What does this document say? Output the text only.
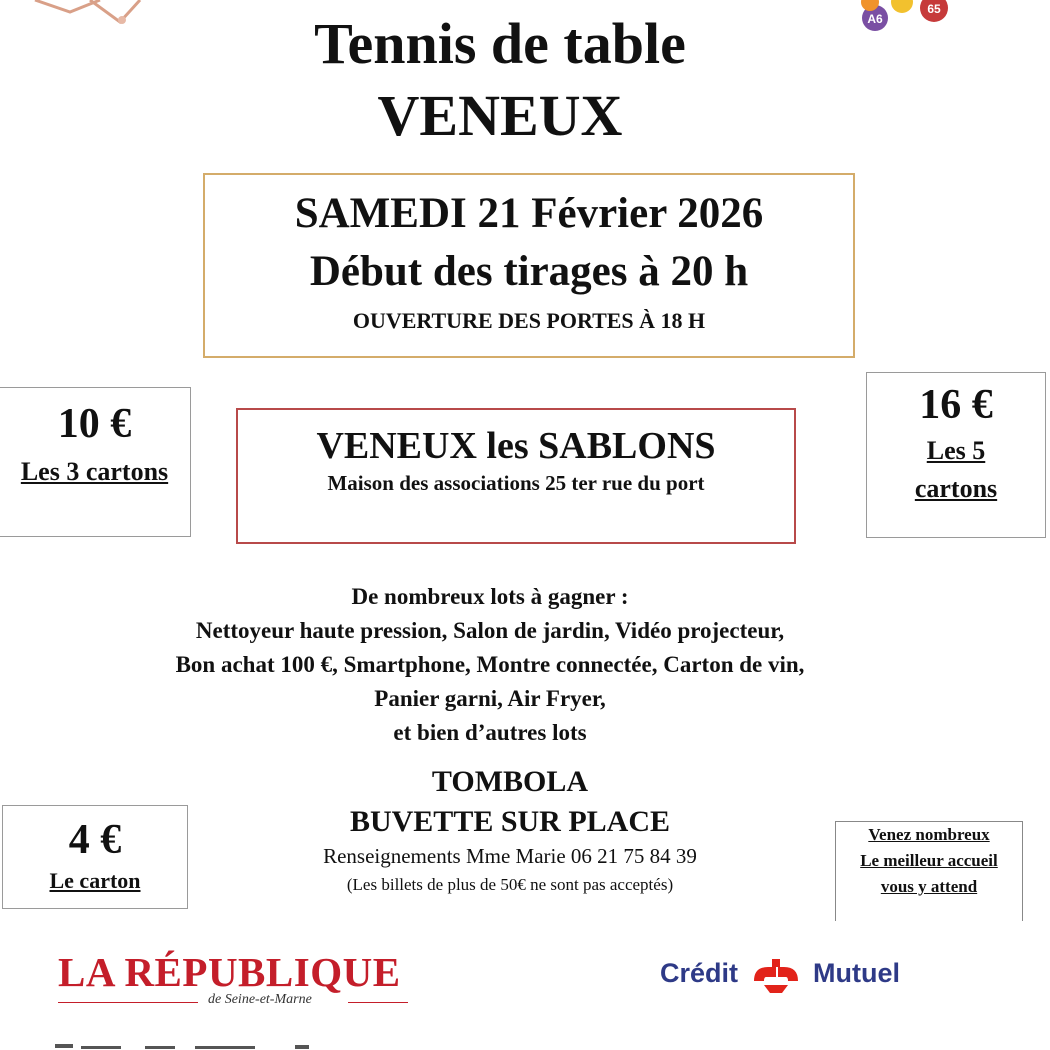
A6
65
Tennis de table
VENEUX
SAMEDI 21 Février 2026
Début des tirages à 20 h
OUVERTURE DES PORTES À 18 H
10 €
Les 3 cartons
VENEUX les SABLONS
Maison des associations 25 ter rue du port
16 €
Les 5
cartons
De nombreux lots à gagner :
Nettoyeur haute pression, Salon de jardin, Vidéo projecteur,
Bon achat 100 €, Smartphone, Montre connectée, Carton de vin,
Panier garni, Air Fryer,
et bien d’autres lots
4 €
Le carton
TOMBOLA
BUVETTE SUR PLACE
Renseignements Mme Marie 06 21 75 84 39
(Les billets de plus de 50€ ne sont pas acceptés)
Venez nombreux
Le meilleur accueil
vous y attend
LA RÉPUBLIQUE
de Seine-et-Marne
Crédit	Mutuel
